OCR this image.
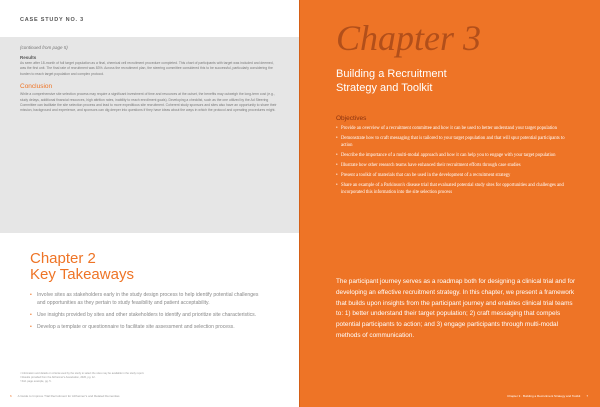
CASE STUDY NO. 3
(continued from page 5)
Results
As seen after 18-month of full target population as a final, chemical cell recruitment procedure completed. This chart of participants with target was included and deemed, was the first unit. The final rate of recruitment was 83%. Across the recruitment plan, the steering committee considered this to be successful, particularly considering the burden to reach target population and complex protocol.
Conclusion
While a comprehensive site selection process may require a significant investment of time and resources at the outset, the benefits may outweigh the long-term cost (e.g., study delays, additional financial resources, high attrition rates, inability to reach enrollment goals). Developing a checklist, such as the one utilized by the Ad Steering Committee can facilitate the site selection process and lead to more expeditious site recruitment. Coherent study sponsors and sites also have an opportunity to share their mission, background and experience, and sponsors can dig deeper into questions if they have ideas about the ways in which the protocol and operating procedures might.
Chapter 2
Key Takeaways
• Involve sites as stakeholders early in the study design process to help identify potential challenges and opportunities as they pertain to study feasibility and patient acceptability.
• Use insights provided by sites and other stakeholders to identify and prioritize site characteristics.
• Develop a template or questionnaire to facilitate site assessment and selection process.
¹ Information and details on criteria used by the study to select the sites may be available in the study report.
² Results provided from the Alzheimer's Association, 2020, pg. 12.
³ Ibid. page example, pg. 5.
6 A Guide to Improve Trial Recruitment for Alzheimer's and Related Dementias
Chapter 3
Building a Recruitment
Strategy and Toolkit
Objectives
• Provide an overview of a recruitment committee and how it can be used to better understand your target population
• Demonstrate how to craft messaging that is tailored to your target population and that will spur potential participants to action
• Describe the importance of a multi-modal approach and how it can help you to engage with your target population
• Illustrate how other research teams have enhanced their recruitment efforts through case studies
• Present a toolkit of materials that can be used in the development of a recruitment strategy
• Share an example of a Parkinson's disease trial that evaluated potential study sites for opportunities and challenges and incorporated this information into the site selection process
The participant journey serves as a roadmap both for designing a clinical trial and for developing an effective recruitment strategy. In this chapter, we present a framework that builds upon insights from the participant journey and enables clinical trial teams to: 1) better understand their target population; 2) craft messaging that compels potential participants to action; and 3) engage participants through multi-modal methods of communication.
Chapter 3 · Building a Recruitment Strategy and Toolkit 7
